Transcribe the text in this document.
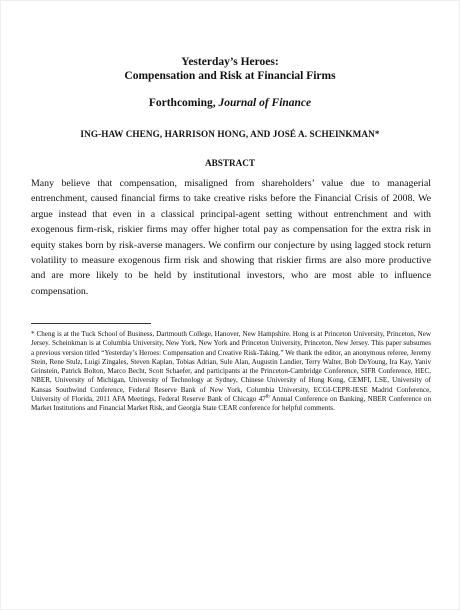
Yesterday’s Heroes:
Compensation and Risk at Financial Firms
Forthcoming, Journal of Finance
ING-HAW CHENG, HARRISON HONG, AND JOSÉ A. SCHEINKMAN*
ABSTRACT
Many believe that compensation, misaligned from shareholders’ value due to managerial entrenchment, caused financial firms to take creative risks before the Financial Crisis of 2008. We argue instead that even in a classical principal-agent setting without entrenchment and with exogenous firm-risk, riskier firms may offer higher total pay as compensation for the extra risk in equity stakes born by risk-averse managers. We confirm our conjecture by using lagged stock return volatility to measure exogenous firm risk and showing that riskier firms are also more productive and are more likely to be held by institutional investors, who are most able to influence compensation.
* Cheng is at the Tuck School of Business, Dartmouth College, Hanover, New Hampshire. Hong is at Princeton University, Princeton, New Jersey. Scheinkman is at Columbia University, New York, New York and Princeton University, Princeton, New Jersey. This paper subsumes a previous version titled “Yesterday’s Heroes: Compensation and Creative Risk-Taking.” We thank the editor, an anonymous referee, Jeremy Stein, Rene Stulz, Luigi Zingales, Steven Kaplan, Tobias Adrian, Sule Alan, Augustin Landier, Terry Walter, Bob DeYoung, Ira Kay, Yaniv Grinstein, Patrick Bolton, Marco Becht, Scott Schaefer, and participants at the Princeton-Cambridge Conference, SIFR Conference, HEC, NBER, University of Michigan, University of Technology at Sydney, Chinese University of Hong Kong, CEMFI, LSE, University of Kansas Southwind Conference, Federal Reserve Bank of New York, Columbia University, ECGI-CEPR-IESE Madrid Conference, University of Florida, 2011 AFA Meetings, Federal Reserve Bank of Chicago 47th Annual Conference on Banking, NBER Conference on Market Institutions and Financial Market Risk, and Georgia State CEAR conference for helpful comments.
